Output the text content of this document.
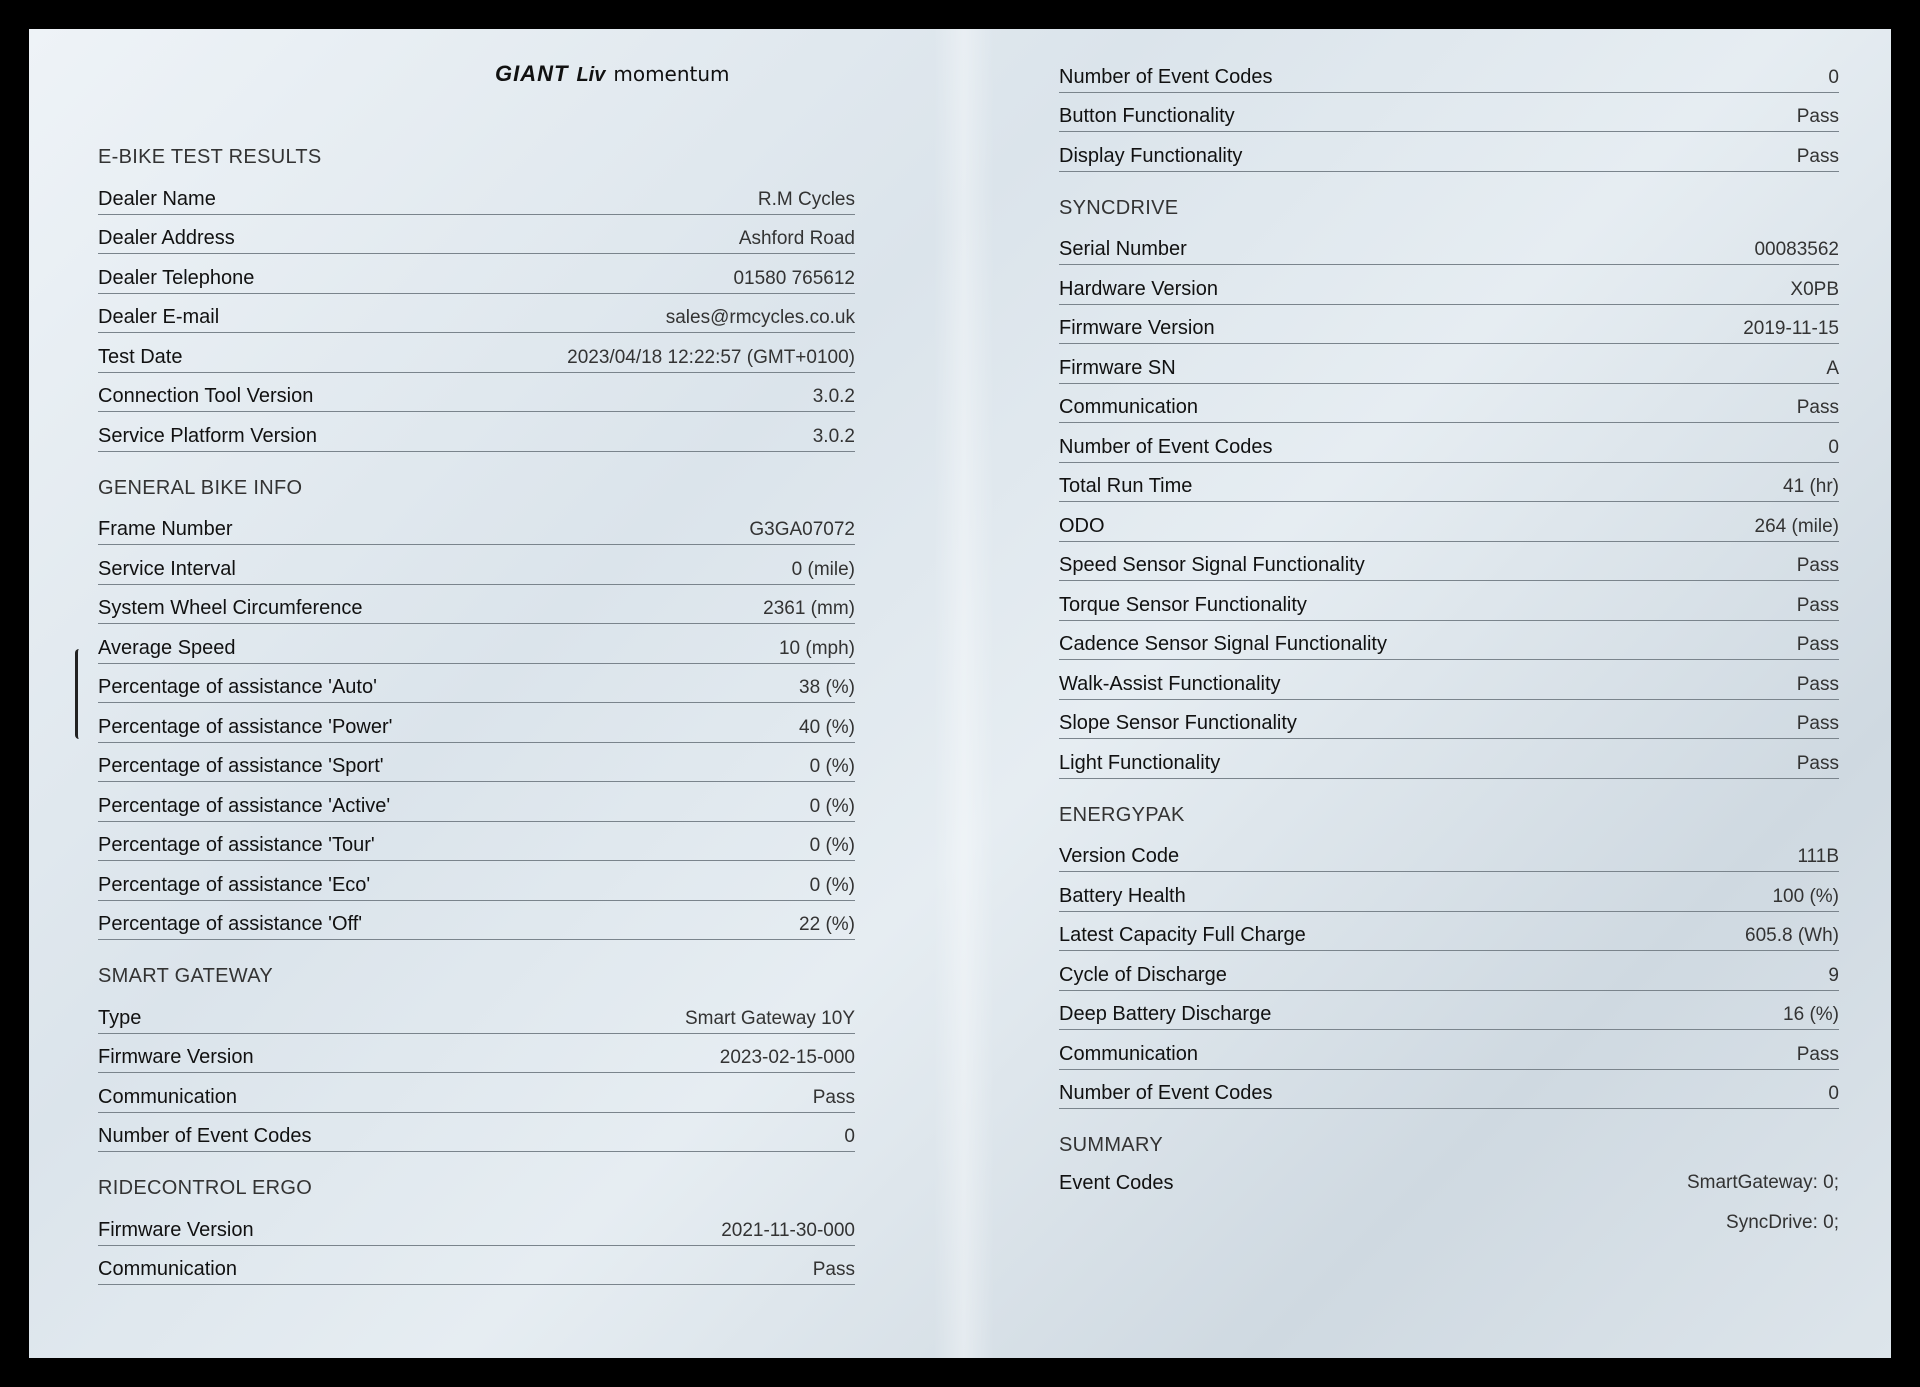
GIANT Liv momentum
E-BIKE TEST RESULTS
Dealer Name	R.M Cycles
Dealer Address	Ashford Road
Dealer Telephone	01580 765612
Dealer E-mail	sales@rmcycles.co.uk
Test Date	2023/04/18 12:22:57 (GMT+0100)
Connection Tool Version	3.0.2
Service Platform Version	3.0.2
GENERAL BIKE INFO
Frame Number	G3GA07072
Service Interval	0 (mile)
System Wheel Circumference	2361 (mm)
Average Speed	10 (mph)
Percentage of assistance 'Auto'	38 (%)
Percentage of assistance 'Power'	40 (%)
Percentage of assistance 'Sport'	0 (%)
Percentage of assistance 'Active'	0 (%)
Percentage of assistance 'Tour'	0 (%)
Percentage of assistance 'Eco'	0 (%)
Percentage of assistance 'Off'	22 (%)
SMART GATEWAY
Type	Smart Gateway 10Y
Firmware Version	2023-02-15-000
Communication	Pass
Number of Event Codes	0
RIDECONTROL ERGO
Firmware Version	2021-11-30-000
Communication	Pass
Number of Event Codes	0
Button Functionality	Pass
Display Functionality	Pass
SYNCDRIVE
Serial Number	00083562
Hardware Version	X0PB
Firmware Version	2019-11-15
Firmware SN	A
Communication	Pass
Number of Event Codes	0
Total Run Time	41 (hr)
ODO	264 (mile)
Speed Sensor Signal Functionality	Pass
Torque Sensor Functionality	Pass
Cadence Sensor Signal Functionality	Pass
Walk-Assist Functionality	Pass
Slope Sensor Functionality	Pass
Light Functionality	Pass
ENERGYPAK
Version Code	111B
Battery Health	100 (%)
Latest Capacity Full Charge	605.8 (Wh)
Cycle of Discharge	9
Deep Battery Discharge	16 (%)
Communication	Pass
Number of Event Codes	0
SUMMARY
Event Codes	SmartGateway: 0;
SyncDrive: 0;
